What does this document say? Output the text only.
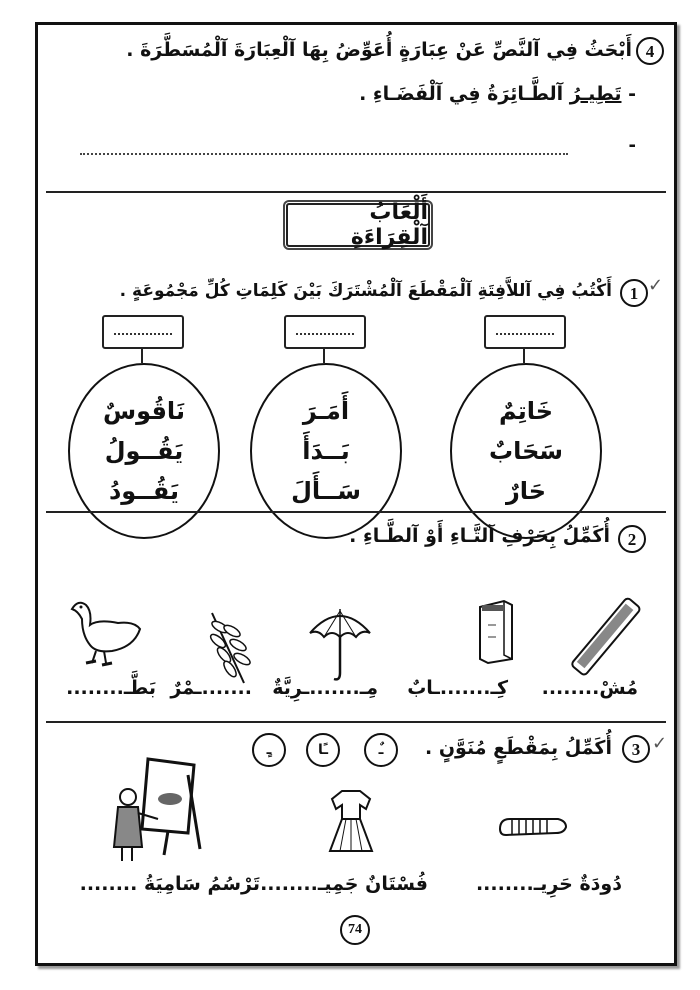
4
أَبْحَثُ فِي آلنَّصِّ عَنْ عِبَارَةٍ أُعَوِّضُ بِهَا آلْعِبَارَةَ آلْمُسَطَّرَةَ .
- تَطِيـرُ آلطَّـائِرَةُ فِي آلْفَضَـاءِ .
-
أَلْعَابُ آلْقِرَاءَةِ
✓
1
أَكْتُبُ فِي آللاَّفِتَةِ آلْمَقْطَعَ آلْمُشْتَرَكَ بَيْنَ كَلِمَاتِ كُلِّ مَجْمُوعَةٍ .
خَاتِمٌ
سَحَابٌ
حَارٌ
أَمَـرَ
بَــدَأَ
سَــأَلَ
نَاقُوسٌ
يَقُــولُ
يَقُــودُ
2
أُكَمِّلُ بِحَرْفِ آلتَّـاءِ أَوْ آلطَّـاءِ .
مُشْ........
كِـ.......ـابٌ
مِـ.......ـرِيَّةٌ
.......ـمْرٌ
بَطَّـ........
✓
3
أُكَمِّلُ بِمَقْطَعٍ مُنَوَّنٍ .
ـٌ
ـًا
ـٍ
دُودَةٌ حَرِيـ........
فُسْتَانٌ جَمِيـ........
تَرْسُمُ سَامِيَةُ ........
74
